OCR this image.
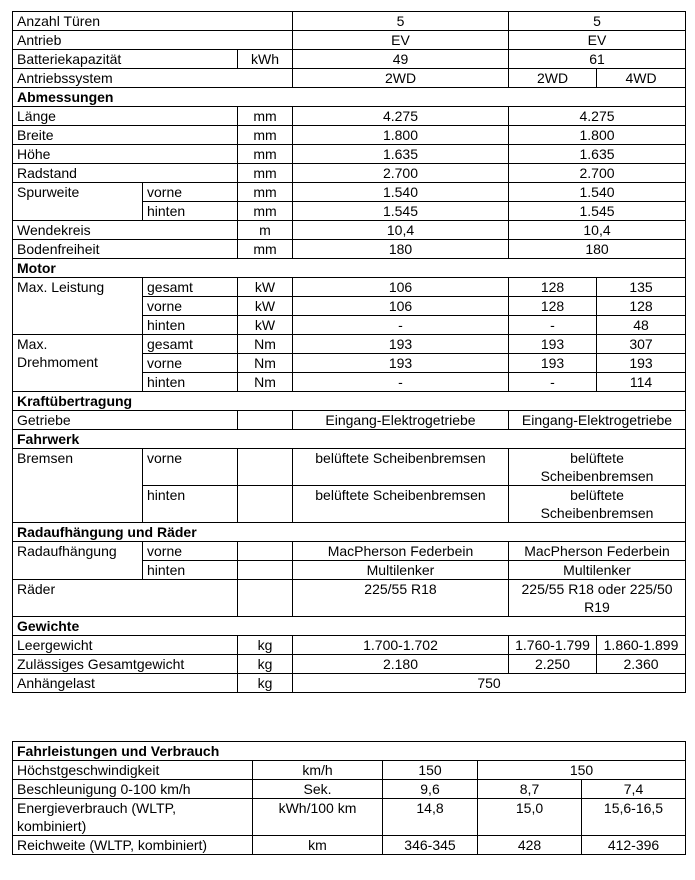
Anzahl Türen			5	5	
Antrieb			EV	EV	
Batteriekapazität		kWh	49	61	
Antriebssystem			2WD	2WD	4WD
Abmessungen					
Länge		mm	4.275	4.275	
Breite		mm	1.800	1.800	
Höhe		mm	1.635	1.635	
Radstand		mm	2.700	2.700	
Spurweite	vorne	mm	1.540	1.540	
	hinten	mm	1.545	1.545	
Wendekreis		m	10,4	10,4	
Bodenfreiheit		mm	180	180	
Motor					
Max. Leistung	gesamt	kW	106	128	135
	vorne	kW	106	128	128
	hinten	kW	-	-	48
Max.
Drehmoment	gesamt	Nm	193	193	307
	vorne	Nm	193	193	193
	hinten	Nm	-	-	114
Kraftübertragung					
Getriebe			Eingang-Elektrogetriebe	Eingang-Elektrogetriebe	
Fahrwerk					
Bremsen	vorne		belüftete Scheibenbremsen	belüftete Scheibenbremsen	
	hinten		belüftete Scheibenbremsen	belüftete Scheibenbremsen	
Radaufhängung und Räder					
Radaufhängung	vorne		MacPherson Federbein	MacPherson Federbein	
	hinten		Multilenker	Multilenker	
Räder			225/55 R18	225/55 R18 oder 225/50 R19	
Gewichte					
Leergewicht		kg	1.700-1.702	1.760-1.799	1.860-1.899
Zulässiges Gesamtgewicht		kg	2.180	2.250	2.360
Anhängelast		kg	750		
Fahrleistungen und Verbrauch				
Höchstgeschwindigkeit	km/h	150	150	
Beschleunigung 0-100 km/h	Sek.	9,6	8,7	7,4
Energieverbrauch (WLTP, kombiniert)	kWh/100 km	14,8	15,0	15,6-16,5
Reichweite (WLTP, kombiniert)	km	346-345	428	412-396
